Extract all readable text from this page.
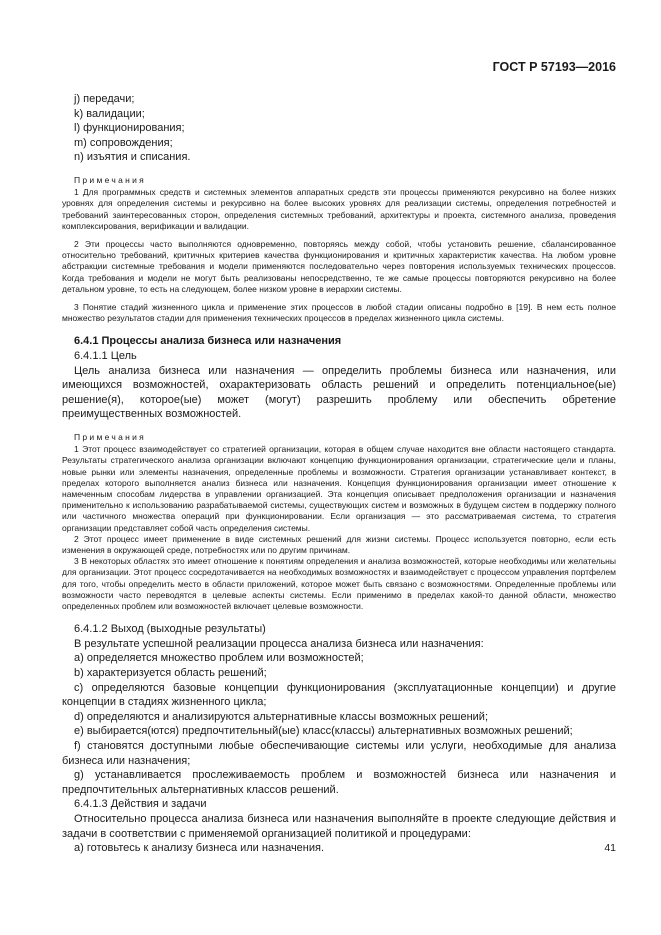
ГОСТ Р 57193—2016

j) передачи;

k) валидации;

l) функционирования;

m) сопровождения;

n) изъятия и списания.

Примечания

1 Для программных средств и системных элементов аппаратных средств эти процессы применяются рекурсивно на более низких уровнях для определения системы и рекурсивно на более высоких уровнях для реализации системы, определения потребностей и требований заинтересованных сторон, определения системных требований, архитектуры и проекта, системного анализа, проведения комплексирования, верификации и валидации.

2 Эти процессы часто выполняются одновременно, повторяясь между собой, чтобы установить решение, сбалансированное относительно требований, критичных критериев качества функционирования и критичных характеристик качества. На любом уровне абстракции системные требования и модели применяются последовательно через повторения используемых технических процессов. Когда требования и модели не могут быть реализованы непосредственно, те же самые процессы повторяются рекурсивно на более детальном уровне, то есть на следующем, более низком уровне в иерархии системы.

3 Понятие стадий жизненного цикла и применение этих процессов в любой стадии описаны подробно в [19]. В нем есть полное множество результатов стадии для применения технических процессов в пределах жизненного цикла системы.

6.4.1 Процессы анализа бизнеса или назначения

6.4.1.1 Цель

Цель анализа бизнеса или назначения — определить проблемы бизнеса или назначения, или имеющихся возможностей, охарактеризовать область решений и определить потенциальное(ые) решение(я), которое(ые) может (могут) разрешить проблему или обеспечить обретение преимущественных возможностей.

Примечания

1 Этот процесс взаимодействует со стратегией организации, которая в общем случае находится вне области настоящего стандарта. Результаты стратегического анализа организации включают концепцию функционирования организации, стратегические цели и планы, новые рынки или элементы назначения, определенные проблемы и возможности. Стратегия организации устанавливает контекст, в пределах которого выполняется анализ бизнеса или назначения. Концепция функционирования организации имеет отношение к намеченным способам лидерства в управлении организацией. Эта концепция описывает предположения организации и назначения применительно к использованию разрабатываемой системы, существующих систем и возможных в будущем систем в поддержку полного или частичного множества операций при функционировании. Если организация — это рассматриваемая система, то стратегия организации представляет собой часть определения системы.

2 Этот процесс имеет применение в виде системных решений для жизни системы. Процесс используется повторно, если есть изменения в окружающей среде, потребностях или по другим причинам.

3 В некоторых областях это имеет отношение к понятиям определения и анализа возможностей, которые необходимы или желательны для организации. Этот процесс сосредотачивается на необходимых возможностях и взаимодействует с процессом управления портфелем для того, чтобы определить место в области приложений, которое может быть связано с возможностями. Определенные проблемы или возможности часто переводятся в целевые аспекты системы. Если применимо в пределах какой-то данной области, множество определенных проблем или возможностей включает целевые возможности.

6.4.1.2 Выход (выходные результаты)

В результате успешной реализации процесса анализа бизнеса или назначения:

a) определяется множество проблем или возможностей;

b) характеризуется область решений;

c) определяются базовые концепции функционирования (эксплуатационные концепции) и другие концепции в стадиях жизненного цикла;

d) определяются и анализируются альтернативные классы возможных решений;

e) выбирается(ются) предпочтительный(ые) класс(классы) альтернативных возможных решений;

f) становятся доступными любые обеспечивающие системы или услуги, необходимые для анализа бизнеса или назначения;

g) устанавливается прослеживаемость проблем и возможностей бизнеса или назначения и предпочтительных альтернативных классов решений.

6.4.1.3 Действия и задачи

Относительно процесса анализа бизнеса или назначения выполняйте в проекте следующие действия и задачи в соответствии с применяемой организацией политикой и процедурами:

a) готовьтесь к анализу бизнеса или назначения.	41
